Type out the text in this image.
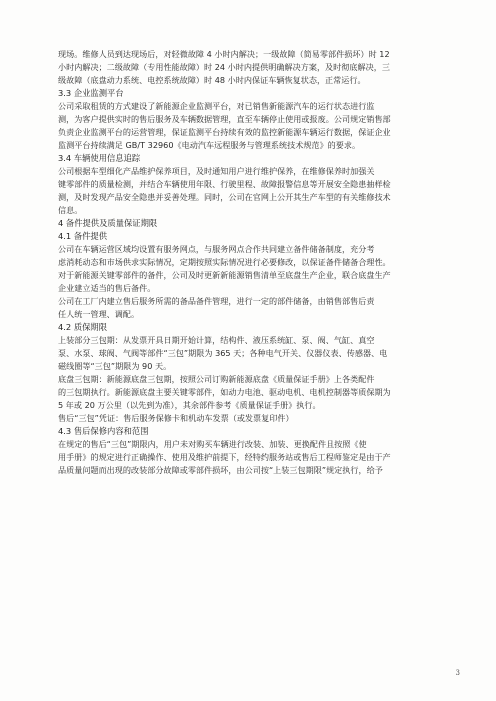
现场。维修人员到达现场后，对轻微故障 4 小时内解决；一级故障（简易零部件损坏）时 12
小时内解决；二级故障（专用性能故障）时 24 小时内提供明确解决方案，及时彻底解决，三
级故障（底盘动力系统、电控系统故障）时 48 小时内保证车辆恢复状态，正常运行。
3.3 企业监测平台
公司采取租赁的方式建设了新能源企业监测平台，对已销售新能源汽车的运行状态进行监
测，为客户提供实时的售后服务及车辆数据管理，直至车辆停止使用或报废。公司规定销售部
负责企业监测平台的运营管理，保证监测平台持续有效的监控新能源车辆运行数据，保证企业
监测平台持续满足 GB/T 32960《电动汽车远程服务与管理系统技术规范》的要求。
3.4 车辆使用信息追踪
公司根据车型细化产品维护保养项目，及时通知用户进行维护保养，在维修保养时加强关
键零部件的质量检测，并结合车辆使用年限、行驶里程、故障报警信息等开展安全隐患抽样检
测，及时发现产品安全隐患并妥善处理。同时，公司在官网上公开其生产车型的有关维修技术
信息。
4 备件提供及质量保证期限
4.1 备件提供
公司在车辆运营区域均设置有服务网点，与服务网点合作共同建立备件储备制度，充分考
虑消耗动态和市场供求实际情况，定期按照实际情况进行必要修改，以保证备件储备合理性。
对于新能源关键零部件的备件，公司及时更新新能源销售清单至底盘生产企业，联合底盘生产
企业建立适当的售后备件。
公司在工厂内建立售后服务所需的备品备件管理，进行一定的部件储备，由销售部售后责
任人统一管理、调配。
4.2 质保期限
上装部分三包期：从发票开具日期开始计算，结构件、液压系统缸、泵、阀、气缸、真空
泵、水泵、球阀、气阀等部件“三包”期限为 365 天；各种电气开关、仪器仪表、传感器、电
磁线圈等“三包”期限为 90 天。
底盘三包期：新能源底盘三包期，按照公司订购新能源底盘《质量保证手册》上各类配件
的三包期执行。新能源底盘主要关键零部件，如动力电池、驱动电机、电机控制器等质保期为
5 年或 20 万公里（以先到为准），其余部件参考《质量保证手册》执行。
售后“三包”凭证：售后服务保修卡和机动车发票（或发票复印件）
4.3 售后保修内容和范围
在规定的售后“三包”期限内，用户未对购买车辆进行改装、加装、更换配件且按照《使
用手册》的规定进行正确操作、使用及维护前提下，经特约服务站或售后工程师鉴定是由于产
品质量问题而出现的改装部分故障或零部件损坏，由公司按“上装三包期限”规定执行，给予
3
